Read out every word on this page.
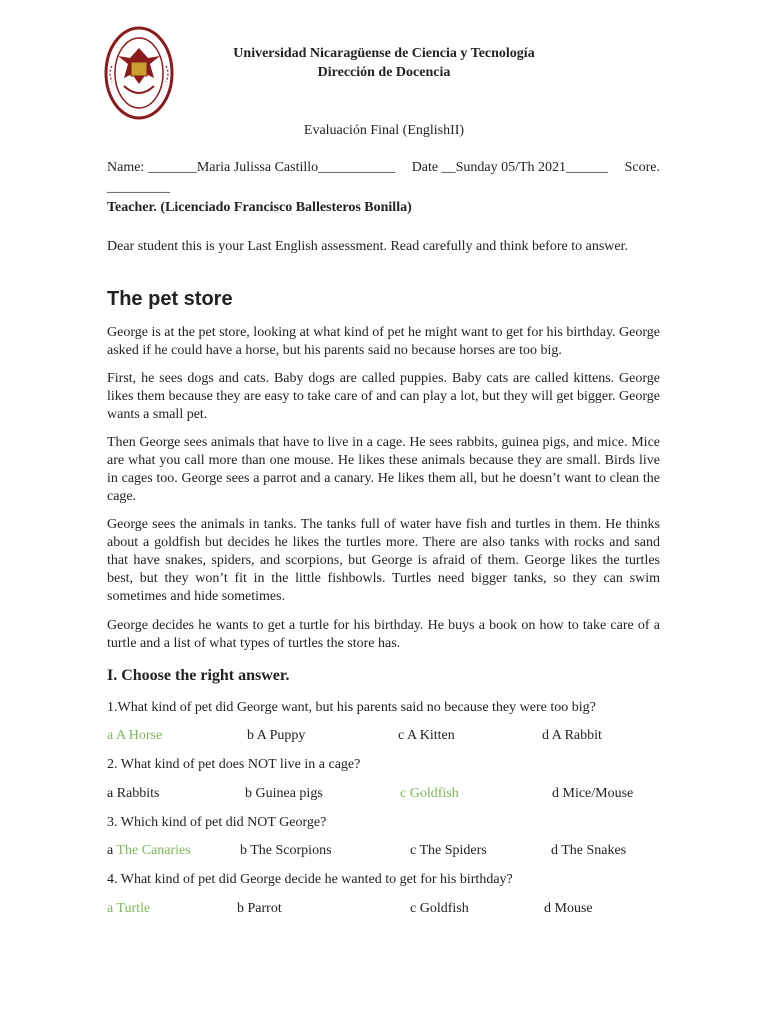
Universidad Nicaragüense de Ciencia y Tecnología
Dirección de Docencia
Evaluación Final (EnglishII)
Name: _______Maria Julissa Castillo___________ Date __Sunday 05/Th 2021______ Score.
_________
Teacher. (Licenciado Francisco Ballesteros Bonilla)
Dear student this is your Last English assessment. Read carefully and think before to answer.
The pet store

George is at the pet store, looking at what kind of pet he might want to get for his birthday. George asked if he could have a horse, but his parents said no because horses are too big.

First, he sees dogs and cats. Baby dogs are called puppies. Baby cats are called kittens. George likes them because they are easy to take care of and can play a lot, but they will get bigger. George wants a small pet.

Then George sees animals that have to live in a cage. He sees rabbits, guinea pigs, and mice. Mice are what you call more than one mouse. He likes these animals because they are small. Birds live in cages too. George sees a parrot and a canary. He likes them all, but he doesn’t want to clean the cage.

George sees the animals in tanks. The tanks full of water have fish and turtles in them. He thinks about a goldfish but decides he likes the turtles more. There are also tanks with rocks and sand that have snakes, spiders, and scorpions, but George is afraid of them. George likes the turtles best, but they won’t fit in the little fishbowls. Turtles need bigger tanks, so they can swim sometimes and hide sometimes.

George decides he wants to get a turtle for his birthday. He buys a book on how to take care of a turtle and a list of what types of turtles the store has.

I. Choose the right answer.
1.What kind of pet did George want, but his parents said no because they were too big?
a A Horse	b A Puppy	c A Kitten	d A Rabbit
2. What kind of pet does NOT live in a cage?
a Rabbits	b Guinea pigs	c Goldfish	d Mice/Mouse
3. Which kind of pet did NOT George?
a The Canaries	b The Scorpions	c The Spiders	d The Snakes
4. What kind of pet did George decide he wanted to get for his birthday?
a Turtle	b Parrot	c Goldfish	d Mouse
